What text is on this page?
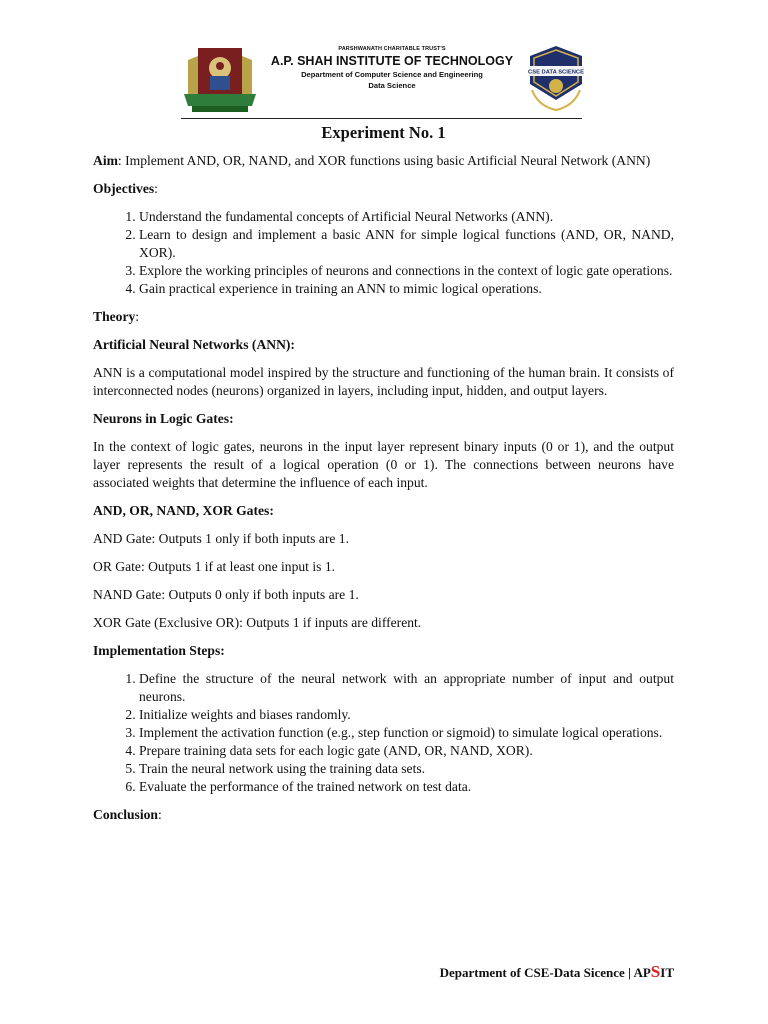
PARSHWANATH CHARITABLE TRUST'S
A.P. SHAH INSTITUTE OF TECHNOLOGY
Department of Computer Science and Engineering
Data Science
CSE DATA SCIENCE
Experiment No. 1

Aim: Implement AND, OR, NAND, and XOR functions using basic Artificial Neural Network (ANN)

Objectives:

1. Understand the fundamental concepts of Artificial Neural Networks (ANN).
2. Learn to design and implement a basic ANN for simple logical functions (AND, OR, NAND, XOR).
3. Explore the working principles of neurons and connections in the context of logic gate operations.
4. Gain practical experience in training an ANN to mimic logical operations.

Theory:

Artificial Neural Networks (ANN):

ANN is a computational model inspired by the structure and functioning of the human brain. It consists of interconnected nodes (neurons) organized in layers, including input, hidden, and output layers.

Neurons in Logic Gates:

In the context of logic gates, neurons in the input layer represent binary inputs (0 or 1), and the output layer represents the result of a logical operation (0 or 1). The connections between neurons have associated weights that determine the influence of each input.

AND, OR, NAND, XOR Gates:

AND Gate: Outputs 1 only if both inputs are 1.

OR Gate: Outputs 1 if at least one input is 1.

NAND Gate: Outputs 0 only if both inputs are 1.

XOR Gate (Exclusive OR): Outputs 1 if inputs are different.

Implementation Steps:

1. Define the structure of the neural network with an appropriate number of input and output neurons.
2. Initialize weights and biases randomly.
3. Implement the activation function (e.g., step function or sigmoid) to simulate logical operations.
4. Prepare training data sets for each logic gate (AND, OR, NAND, XOR).
5. Train the neural network using the training data sets.
6. Evaluate the performance of the trained network on test data.

Conclusion:

Department of CSE-Data Sicence | APSIT
